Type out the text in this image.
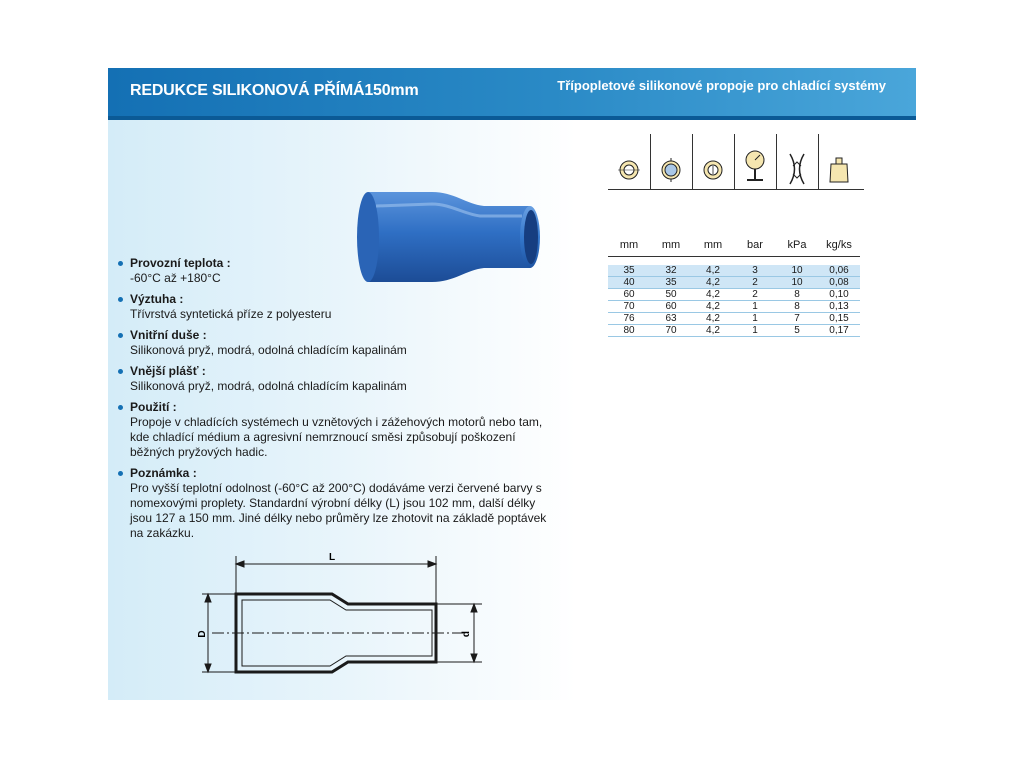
REDUKCE SILIKONOVÁ PŘÍMÁ150mm	Třípopletové silikonové propoje pro chladící systémy
Provozní teplota :
-60°C až +180°C
Výztuha :
Třívrstvá syntetická příze z polyesteru
Vnitřní duše :
Silikonová pryž, modrá, odolná chladícím kapalinám
Vnější plášť :
Silikonová pryž, modrá, odolná chladícím kapalinám
Použití :
Propoje v chladících systémech u vznětových i zážehových motorů nebo tam, kde chladící médium a agresivní nemrznoucí směsi způsobují poškození běžných pryžových hadic.
Poznámka :
Pro vyšší teplotní odolnost (-60°C až 200°C) dodáváme verzi červené barvy s nomexovými proplety. Standardní výrobní délky (L) jsou 102 mm, další délky jsou 127 a 150 mm. Jiné délky nebo průměry lze zhotovit na základě poptávek na zakázku.
L
D	d
mm	mm	mm	bar	kPa	kg/ks

35	32	4,2	3	10	0,06
40	35	4,2	2	10	0,08
60	50	4,2	2	8	0,10
70	60	4,2	1	8	0,13
76	63	4,2	1	7	0,15
80	70	4,2	1	5	0,17
